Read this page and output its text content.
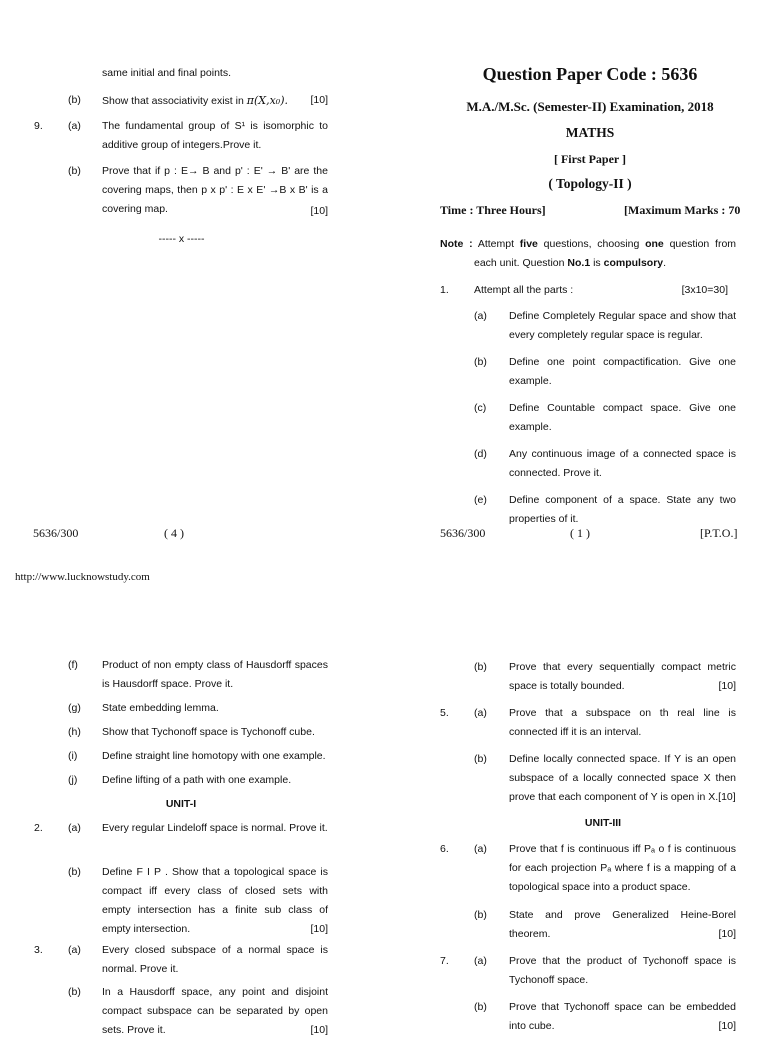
same initial and final points.
(b) Show that associativity exist in π(X,x₀). [10]
9. (a) The fundamental group of S¹ is isomorphic to additive group of integers.Prove it.
(b) Prove that if p : E→ B and p' : E' → B' are the covering maps, then p x p' : E x E' →B x B' is a covering map.	[10]
----- x -----
5636/300	( 4 )
Question Paper Code : 5636
M.A./M.Sc. (Semester-II) Examination, 2018
MATHS
[ First Paper ]
( Topology-II )
Time : Three Hours]	[Maximum Marks : 70
Note : Attempt five questions, choosing one question from each unit. Question No.1 is compulsory.
1. Attempt all the parts :	[3x10=30]
(a) Define Completely Regular space and show that every completely regular space is regular.
(b) Define one point compactification. Give one example.
(c) Define Countable compact space. Give one example.
(d) Any continuous image of a connected space is connected. Prove it.
(e) Define component of a space. State any two properties of it.
5636/300	( 1 )	[P.T.O.]
http://www.lucknowstudy.com
(f) Product of non empty class of Hausdorff spaces is Hausdorff space. Prove it.
(g) State embedding lemma.
(h) Show that Tychonoff space is Tychonoff cube.
(i) Define straight line homotopy with one example.
(j) Define lifting of a path with one example.
UNIT-I
2. (a) Every regular Lindeloff space is normal. Prove it.
(b) Define F I P . Show that a topological space is compact iff every class of closed sets with empty intersection has a finite sub class of empty intersection.	[10]
3. (a) Every closed subspace of a normal space is normal. Prove it.
(b) In a Hausdorff space, any point and disjoint compact subspace can be separated by open sets. Prove it.	[10]
(b) Prove that every sequentially compact metric space is totally bounded.	[10]
5. (a) Prove that a subspace on th real line is connected iff it is an interval.
(b) Define locally connected space. If Y is an open subspace of a locally connected space X then prove that each component of Y is open in X.[10]
UNIT-III
6. (a) Prove that f is continuous iff Pₐ o f is continuous for each projection Pₐ where f is a mapping of a topological space into a product space.
(b) State and prove Generalized Heine-Borel theorem.	[10]
7. (a) Prove that the product of Tychonoff space is Tychonoff space.
(b) Prove that Tychonoff space can be embedded into cube.	[10]
